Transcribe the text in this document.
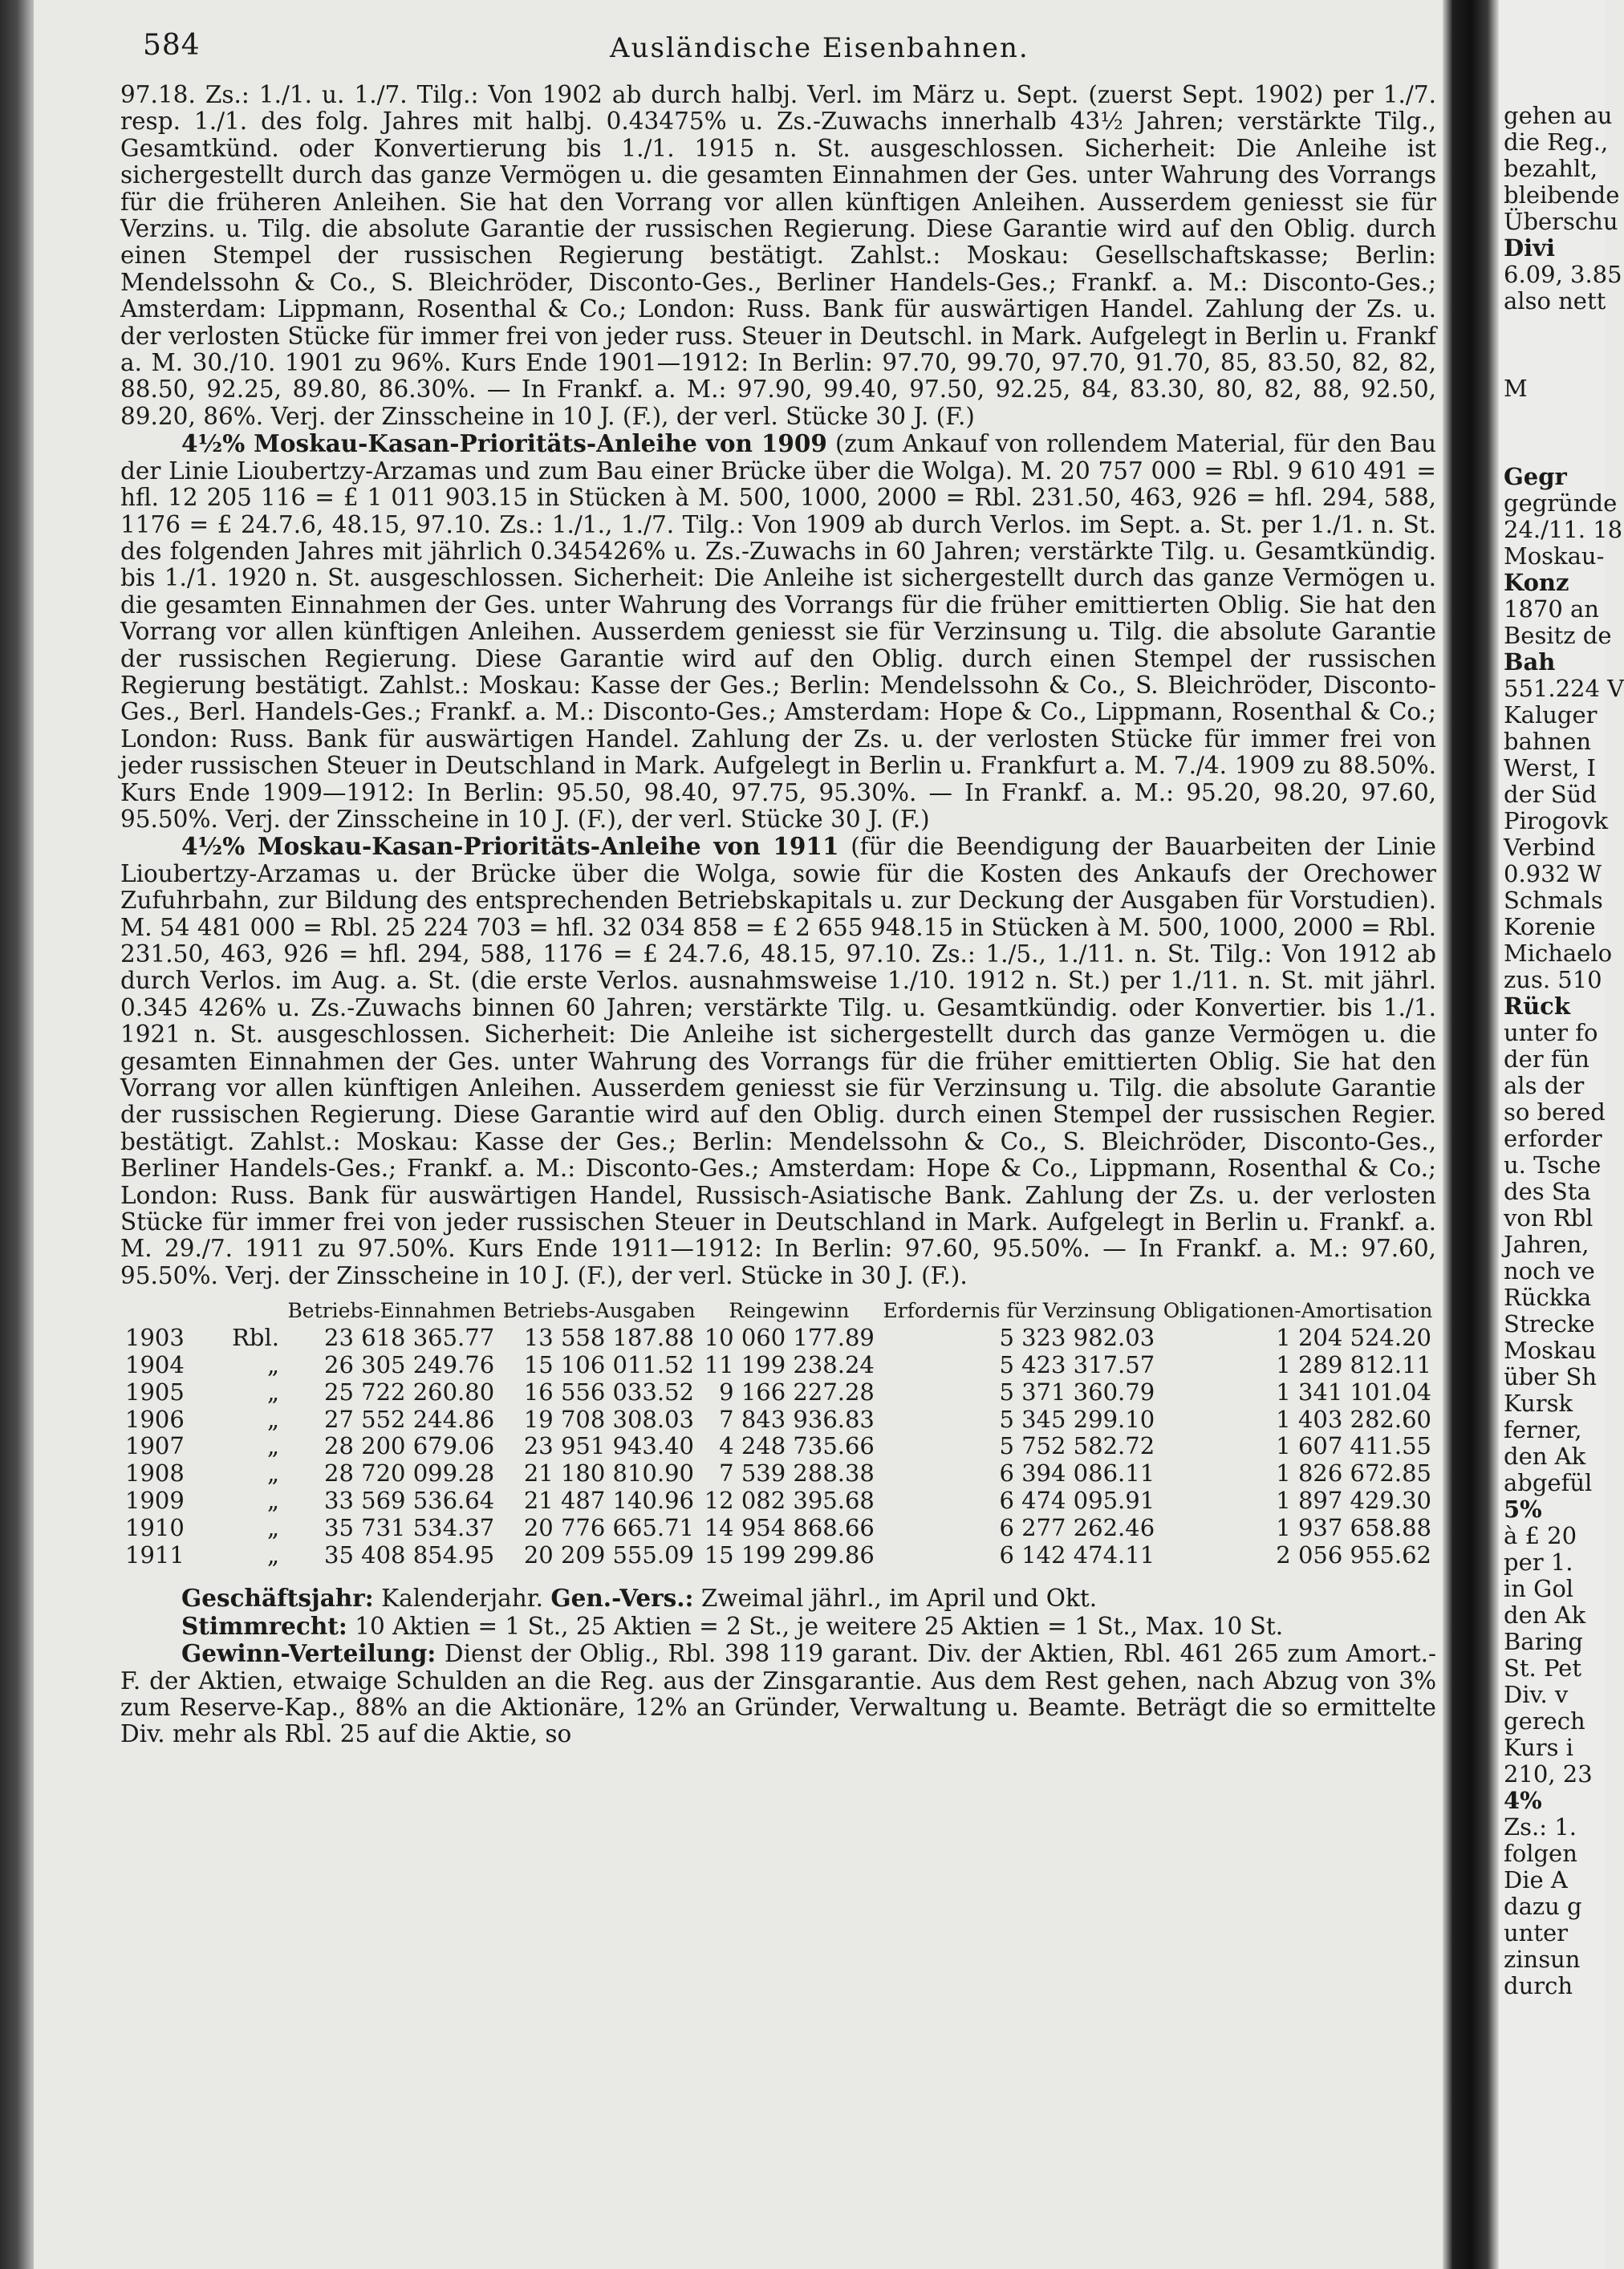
584	Ausländische Eisenbahnen.

97.18. Zs.: 1./1. u. 1./7. Tilg.: Von 1902 ab durch halbj. Verl. im März u. Sept. (zuerst Sept. 1902) per 1./7. resp. 1./1. des folg. Jahres mit halbj. 0.43475% u. Zs.-Zuwachs innerhalb 43½ Jahren; verstärkte Tilg., Gesamtkünd. oder Konvertierung bis 1./1. 1915 n. St. ausgeschlossen. Sicherheit: Die Anleihe ist sichergestellt durch das ganze Vermögen u. die gesamten Einnahmen der Ges. unter Wahrung des Vorrangs für die früheren Anleihen. Sie hat den Vorrang vor allen künftigen Anleihen. Ausserdem geniesst sie für Verzins. u. Tilg. die absolute Garantie der russischen Regierung. Diese Garantie wird auf den Oblig. durch einen Stempel der russischen Regierung bestätigt. Zahlst.: Moskau: Gesellschaftskasse; Berlin: Mendelssohn & Co., S. Bleichröder, Disconto-Ges., Berliner Handels-Ges.; Frankf. a. M.: Disconto-Ges.; Amsterdam: Lippmann, Rosenthal & Co.; London: Russ. Bank für auswärtigen Handel. Zahlung der Zs. u. der verlosten Stücke für immer frei von jeder russ. Steuer in Deutschl. in Mark. Aufgelegt in Berlin u. Frankf a. M. 30./10. 1901 zu 96%. Kurs Ende 1901—1912: In Berlin: 97.70, 99.70, 97.70, 91.70, 85, 83.50, 82, 82, 88.50, 92.25, 89.80, 86.30%. — In Frankf. a. M.: 97.90, 99.40, 97.50, 92.25, 84, 83.30, 80, 82, 88, 92.50, 89.20, 86%. Verj. der Zinsscheine in 10 J. (F.), der verl. Stücke 30 J. (F.)

4½% Moskau-Kasan-Prioritäts-Anleihe von 1909 (zum Ankauf von rollendem Material, für den Bau der Linie Lioubertzy-Arzamas und zum Bau einer Brücke über die Wolga). M. 20 757 000 = Rbl. 9 610 491 = hfl. 12 205 116 = £ 1 011 903.15 in Stücken à M. 500, 1000, 2000 = Rbl. 231.50, 463, 926 = hfl. 294, 588, 1176 = £ 24.7.6, 48.15, 97.10. Zs.: 1./1., 1./7. Tilg.: Von 1909 ab durch Verlos. im Sept. a. St. per 1./1. n. St. des folgenden Jahres mit jährlich 0.345426% u. Zs.-Zuwachs in 60 Jahren; verstärkte Tilg. u. Gesamtkündig. bis 1./1. 1920 n. St. ausgeschlossen. Sicherheit: Die Anleihe ist sichergestellt durch das ganze Vermögen u. die gesamten Einnahmen der Ges. unter Wahrung des Vorrangs für die früher emittierten Oblig. Sie hat den Vorrang vor allen künftigen Anleihen. Ausserdem geniesst sie für Verzinsung u. Tilg. die absolute Garantie der russischen Regierung. Diese Garantie wird auf den Oblig. durch einen Stempel der russischen Regierung bestätigt. Zahlst.: Moskau: Kasse der Ges.; Berlin: Mendelssohn & Co., S. Bleichröder, Disconto-Ges., Berl. Handels-Ges.; Frankf. a. M.: Disconto-Ges.; Amsterdam: Hope & Co., Lippmann, Rosenthal & Co.; London: Russ. Bank für auswärtigen Handel. Zahlung der Zs. u. der verlosten Stücke für immer frei von jeder russischen Steuer in Deutschland in Mark. Aufgelegt in Berlin u. Frankfurt a. M. 7./4. 1909 zu 88.50%. Kurs Ende 1909—1912: In Berlin: 95.50, 98.40, 97.75, 95.30%. — In Frankf. a. M.: 95.20, 98.20, 97.60, 95.50%. Verj. der Zinsscheine in 10 J. (F.), der verl. Stücke 30 J. (F.)

4½% Moskau-Kasan-Prioritäts-Anleihe von 1911 (für die Beendigung der Bauarbeiten der Linie Lioubertzy-Arzamas u. der Brücke über die Wolga, sowie für die Kosten des Ankaufs der Orechower Zufuhrbahn, zur Bildung des entsprechenden Betriebskapitals u. zur Deckung der Ausgaben für Vorstudien). M. 54 481 000 = Rbl. 25 224 703 = hfl. 32 034 858 = £ 2 655 948.15 in Stücken à M. 500, 1000, 2000 = Rbl. 231.50, 463, 926 = hfl. 294, 588, 1176 = £ 24.7.6, 48.15, 97.10. Zs.: 1./5., 1./11. n. St. Tilg.: Von 1912 ab durch Verlos. im Aug. a. St. (die erste Verlos. ausnahmsweise 1./10. 1912 n. St.) per 1./11. n. St. mit jährl. 0.345 426% u. Zs.-Zuwachs binnen 60 Jahren; verstärkte Tilg. u. Gesamtkündig. oder Konvertier. bis 1./1. 1921 n. St. ausgeschlossen. Sicherheit: Die Anleihe ist sichergestellt durch das ganze Vermögen u. die gesamten Einnahmen der Ges. unter Wahrung des Vorrangs für die früher emittierten Oblig. Sie hat den Vorrang vor allen künftigen Anleihen. Ausserdem geniesst sie für Verzinsung u. Tilg. die absolute Garantie der russischen Regierung. Diese Garantie wird auf den Oblig. durch einen Stempel der russischen Regier. bestätigt. Zahlst.: Moskau: Kasse der Ges.; Berlin: Mendelssohn & Co., S. Bleichröder, Disconto-Ges., Berliner Handels-Ges.; Frankf. a. M.: Disconto-Ges.; Amsterdam: Hope & Co., Lippmann, Rosenthal & Co.; London: Russ. Bank für auswärtigen Handel, Russisch-Asiatische Bank. Zahlung der Zs. u. der verlosten Stücke für immer frei von jeder russischen Steuer in Deutschland in Mark. Aufgelegt in Berlin u. Frankf. a. M. 29./7. 1911 zu 97.50%. Kurs Ende 1911—1912: In Berlin: 97.60, 95.50%. — In Frankf. a. M.: 97.60, 95.50%. Verj. der Zinsscheine in 10 J. (F.), der verl. Stücke in 30 J. (F.).

		Betriebs-Einnahmen	Betriebs-Ausgaben	Reingewinn	Erfordernis für Verzinsung	Obligationen-Amortisation
1903	Rbl.	23 618 365.77	13 558 187.88	10 060 177.89	5 323 982.03	1 204 524.20
1904	„	26 305 249.76	15 106 011.52	11 199 238.24	5 423 317.57	1 289 812.11
1905	„	25 722 260.80	16 556 033.52	9 166 227.28	5 371 360.79	1 341 101.04
1906	„	27 552 244.86	19 708 308.03	7 843 936.83	5 345 299.10	1 403 282.60
1907	„	28 200 679.06	23 951 943.40	4 248 735.66	5 752 582.72	1 607 411.55
1908	„	28 720 099.28	21 180 810.90	7 539 288.38	6 394 086.11	1 826 672.85
1909	„	33 569 536.64	21 487 140.96	12 082 395.68	6 474 095.91	1 897 429.30
1910	„	35 731 534.37	20 776 665.71	14 954 868.66	6 277 262.46	1 937 658.88
1911	„	35 408 854.95	20 209 555.09	15 199 299.86	6 142 474.11	2 056 955.62

Geschäftsjahr: Kalenderjahr. Gen.-Vers.: Zweimal jährl., im April und Okt.

Stimmrecht: 10 Aktien = 1 St., 25 Aktien = 2 St., je weitere 25 Aktien = 1 St., Max. 10 St.

Gewinn-Verteilung: Dienst der Oblig., Rbl. 398 119 garant. Div. der Aktien, Rbl. 461 265 zum Amort.-F. der Aktien, etwaige Schulden an die Reg. aus der Zinsgarantie. Aus dem Rest gehen, nach Abzug von 3% zum Reserve-Kap., 88% an die Aktionäre, 12% an Gründer, Verwaltung u. Beamte. Beträgt die so ermittelte Div. mehr als Rbl. 25 auf die Aktie, so

gehen au
die Reg.,
bezahlt,
bleibende
Überschu
Divi
6.09, 3.85
also nett
M
Gegr
gegründe
24./11. 18
Moskau-
Konz
1870 an
Besitz de
Bah
551.224 V
Kaluger
bahnen
Werst, I
der Süd
Pirogovk
Verbind
0.932 W
Schmals
Korenie
Michaelo
zus. 510
Rück
unter fo
der fün
als der
so bered
erforder
u. Tsche
des Sta
von Rbl
Jahren,
noch ve
Rückka
Strecke
Moskau
über Sh
Kursk
ferner,
den Ak
abgefül
5%
à £ 20
per 1.
in Gol
den Ak
Baring
St. Pet
Div. v
gerech
Kurs i
210, 23
4%
Zs.: 1.
folgen
Die A
dazu g
unter
zinsun
durch
